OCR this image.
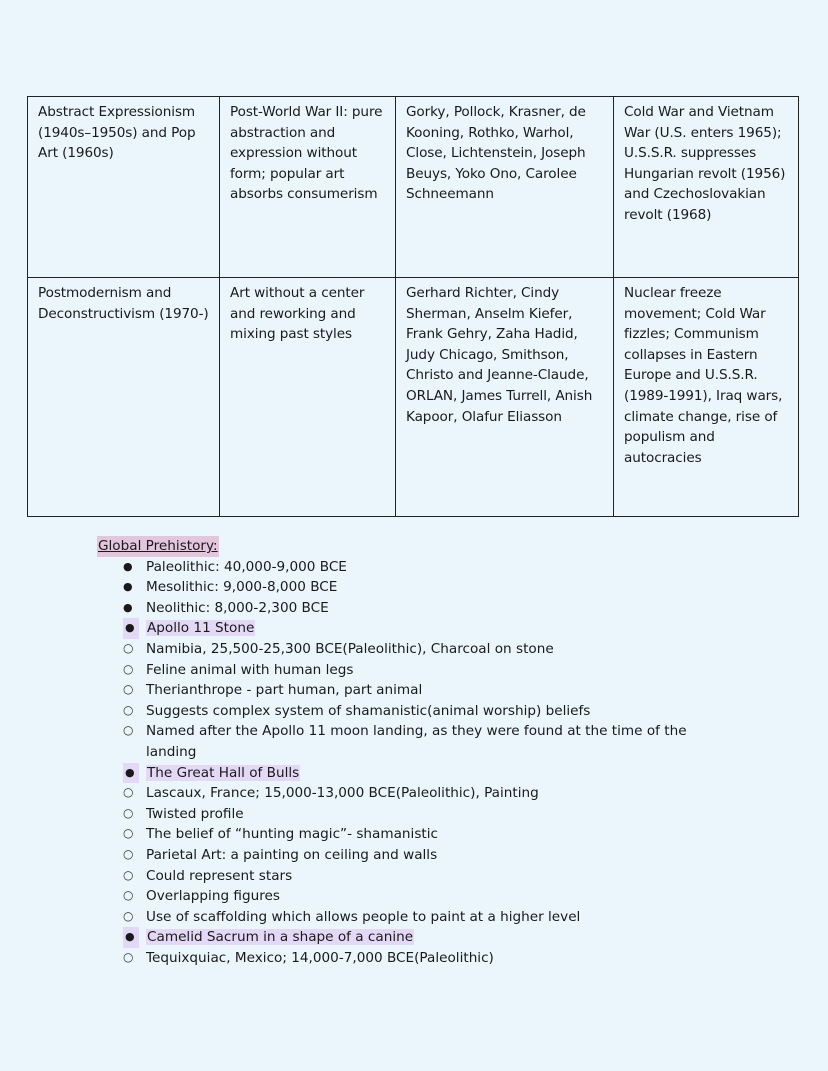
Abstract Expressionism (1940s–1950s) and Pop Art (1960s)	Post-World War II: pure abstraction and expression without form; popular art absorbs consumerism	Gorky, Pollock, Krasner, de Kooning, Rothko, Warhol, Close, Lichtenstein, Joseph Beuys, Yoko Ono, Carolee Schneemann	Cold War and Vietnam War (U.S. enters 1965); U.S.S.R. suppresses Hungarian revolt (1956) and Czechoslovakian revolt (1968)
Postmodernism and Deconstructivism (1970-)	Art without a center and reworking and mixing past styles	Gerhard Richter, Cindy Sherman, Anselm Kiefer, Frank Gehry, Zaha Hadid, Judy Chicago, Smithson, Christo and Jeanne-Claude, ORLAN, James Turrell, Anish Kapoor, Olafur Eliasson	Nuclear freeze movement; Cold War fizzles; Communism collapses in Eastern Europe and U.S.S.R. (1989-1991), Iraq wars, climate change, rise of populism and autocracies
Global Prehistory:
● Paleolithic: 40,000-9,000 BCE
● Mesolithic: 9,000-8,000 BCE
● Neolithic: 8,000-2,300 BCE
● Apollo 11 Stone
○ Namibia, 25,500-25,300 BCE(Paleolithic), Charcoal on stone
○ Feline animal with human legs
○ Therianthrope - part human, part animal
○ Suggests complex system of shamanistic(animal worship) beliefs
○ Named after the Apollo 11 moon landing, as they were found at the time of the landing
● The Great Hall of Bulls
○ Lascaux, France; 15,000-13,000 BCE(Paleolithic), Painting
○ Twisted profile
○ The belief of “hunting magic”- shamanistic
○ Parietal Art: a painting on ceiling and walls
○ Could represent stars
○ Overlapping figures
○ Use of scaffolding which allows people to paint at a higher level
● Camelid Sacrum in a shape of a canine
○ Tequixquiac, Mexico; 14,000-7,000 BCE(Paleolithic)
